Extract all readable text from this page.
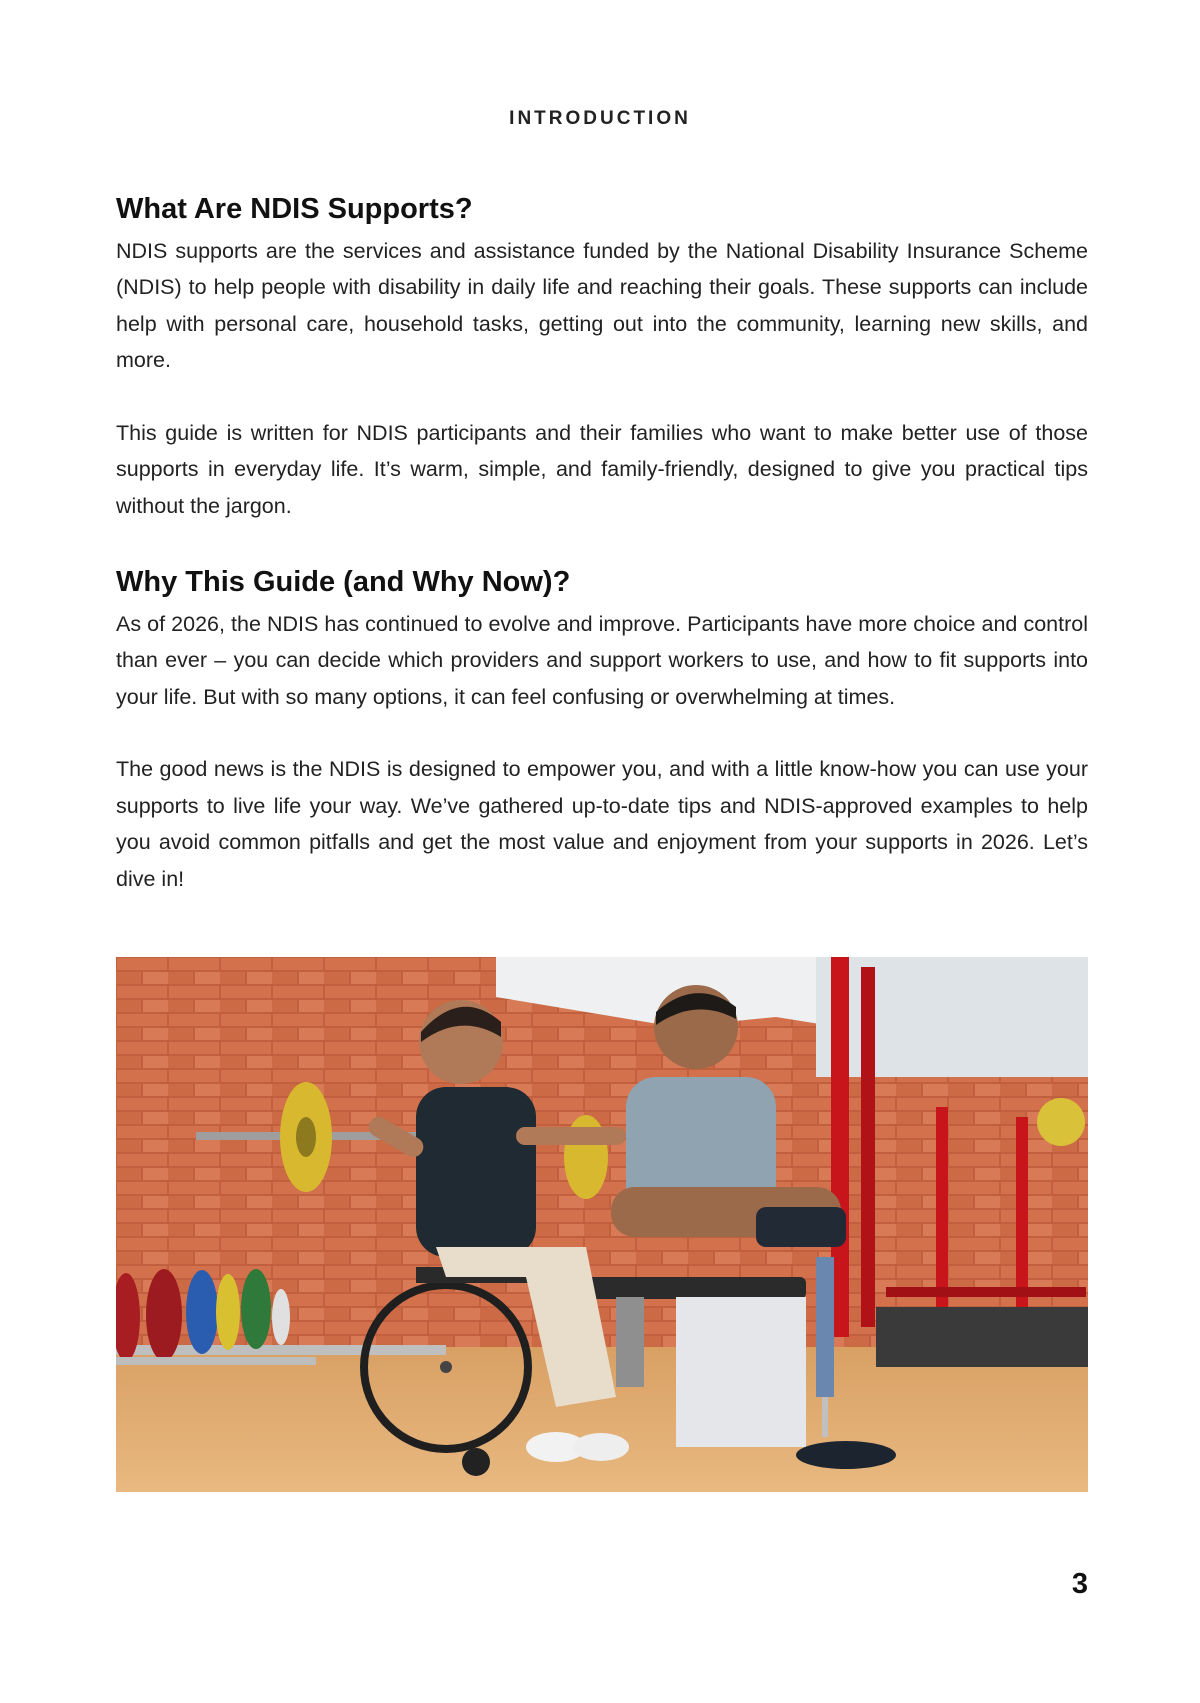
INTRODUCTION
What Are NDIS Supports?

NDIS supports are the services and assistance funded by the National Disability Insurance Scheme (NDIS) to help people with disability in daily life and reaching their goals. These supports can include help with personal care, household tasks, getting out into the community, learning new skills, and more.

This guide is written for NDIS participants and their families who want to make better use of those supports in everyday life. It’s warm, simple, and family-friendly, designed to give you practical tips without the jargon.

Why This Guide (and Why Now)?

As of 2026, the NDIS has continued to evolve and improve. Participants have more choice and control than ever – you can decide which providers and support workers to use, and how to fit supports into your life. But with so many options, it can feel confusing or overwhelming at times.

The good news is the NDIS is designed to empower you, and with a little know-how you can use your supports to live life your way. We’ve gathered up-to-date tips and NDIS-approved examples to help you avoid common pitfalls and get the most value and enjoyment from your supports in 2026. Let’s dive in!

3
